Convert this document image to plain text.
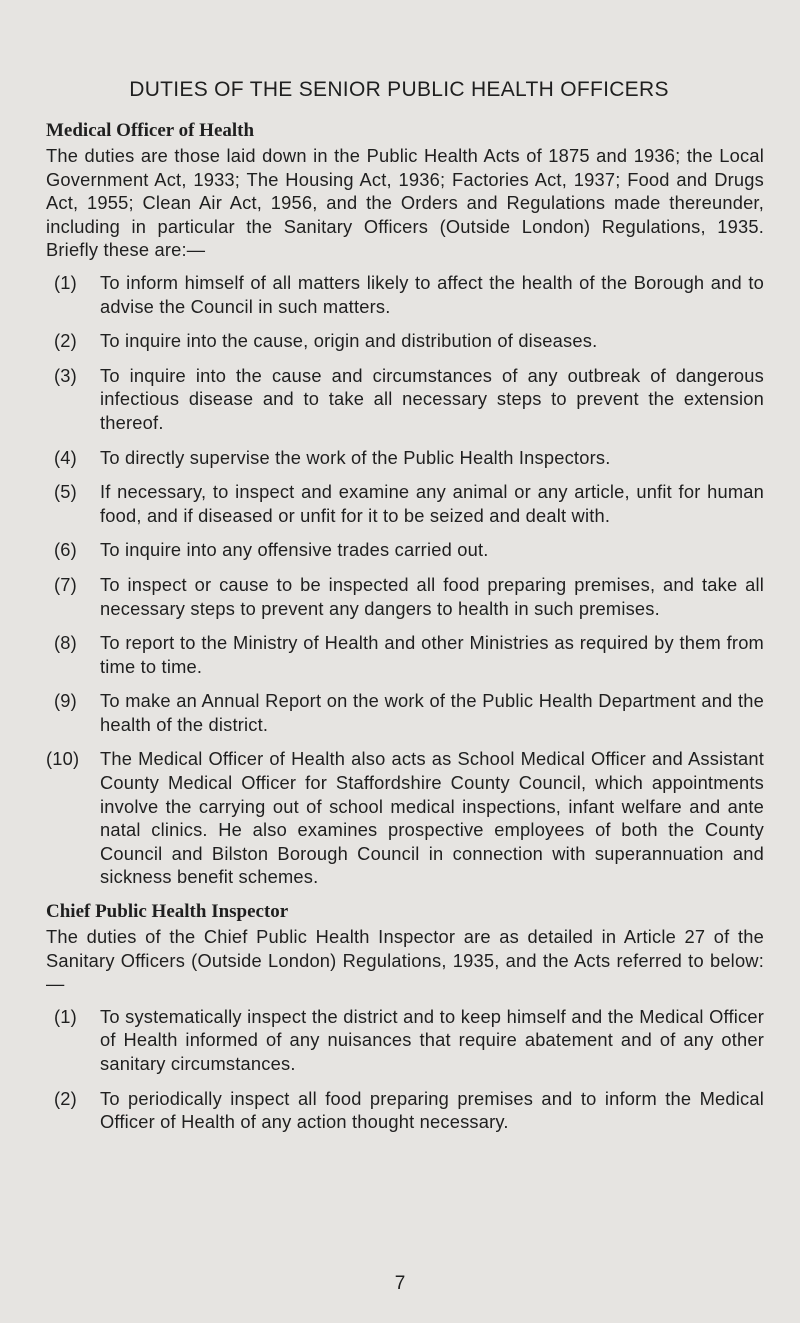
DUTIES OF THE SENIOR PUBLIC HEALTH OFFICERS
Medical Officer of Health

The duties are those laid down in the Public Health Acts of 1875 and 1936; the Local Government Act, 1933; The Housing Act, 1936; Factories Act, 1937; Food and Drugs Act, 1955; Clean Air Act, 1956, and the Orders and Regulations made thereunder, including in particular the Sanitary Officers (Outside London) Regulations, 1935. Briefly these are:—

(1)	To inform himself of all matters likely to affect the health of the Borough and to advise the Council in such matters.
(2)	To inquire into the cause, origin and distribution of diseases.
(3)	To inquire into the cause and circumstances of any outbreak of dangerous infectious disease and to take all necessary steps to prevent the extension thereof.
(4)	To directly supervise the work of the Public Health Inspectors.
(5)	If necessary, to inspect and examine any animal or any article, unfit for human food, and if diseased or unfit for it to be seized and dealt with.
(6)	To inquire into any offensive trades carried out.
(7)	To inspect or cause to be inspected all food preparing premises, and take all necessary steps to prevent any dangers to health in such premises.
(8)	To report to the Ministry of Health and other Ministries as required by them from time to time.
(9)	To make an Annual Report on the work of the Public Health Department and the health of the district.
(10)	The Medical Officer of Health also acts as School Medical Officer and Assistant County Medical Officer for Staffordshire County Council, which appointments involve the carrying out of school medical inspections, infant welfare and ante natal clinics. He also examines prospective employees of both the County Council and Bilston Borough Council in connection with superannuation and sickness benefit schemes.
Chief Public Health Inspector

The duties of the Chief Public Health Inspector are as detailed in Article 27 of the Sanitary Officers (Outside London) Regulations, 1935, and the Acts referred to below:—

(1)	To systematically inspect the district and to keep himself and the Medical Officer of Health informed of any nuisances that require abatement and of any other sanitary circumstances.
(2)	To periodically inspect all food preparing premises and to inform the Medical Officer of Health of any action thought necessary.
7
